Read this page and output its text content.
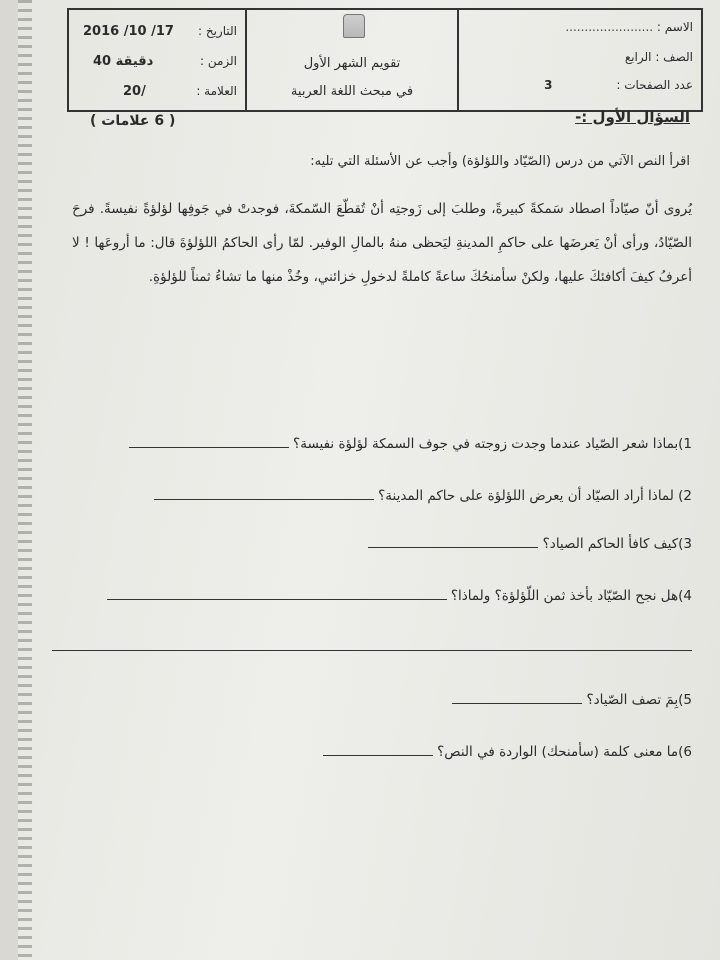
التاريخ :
2016 /10 /17
الزمن :
40 دقيقة
العلامة :
20/
تقويم الشهر الأول
في مبحث اللغة العربية
الاسم : .......................
الصف : الرابع
عدد الصفحات : 3
السؤال الأول :-
( 6 علامات )
اقرأ النص الآتي من درس (الصّيّاد واللؤلؤة) وأجب عن الأسئلة التي تليه:
يُروى أنّ صيّاداً اصطاد سَمكةً كبيرةً، وطلبَ إلى زَوجتِه أنْ تُقطّعَ السّمكةَ، فوجدتْ في جَوفِها لؤلؤةً نفيسةً. فرحَ الصّيّادُ، ورأى أنْ يَعرضَها على حاكمِ المدينةِ ليَحظى منهُ بالمالِ الوفير. لمّا رأى الحاكمُ اللؤلؤةَ قال: ما أروعَها ! لا أعرفُ كيفَ أكافئكَ عليها، ولكنْ سأمنحُكَ ساعةً كاملةً لدخولِ خزائني، وخُذْ منها ما تشاءُ ثمناً للؤلؤةِ.
1)بماذا شعر الصّياد عندما وجدت زوجته في جوف السمكة لؤلؤة نفيسة؟
2) لماذا أراد الصيّاد أن يعرض اللؤلؤة على حاكم المدينة؟
3)كيف كافأ الحاكم الصياد؟
4)هل نجح الصّيّاد بأخذ ثمن اللّؤلؤة؟ ولماذا؟
5)بِمَ تصف الصّياد؟
6)ما معنى كلمة (سأمنحك) الواردة في النص؟
